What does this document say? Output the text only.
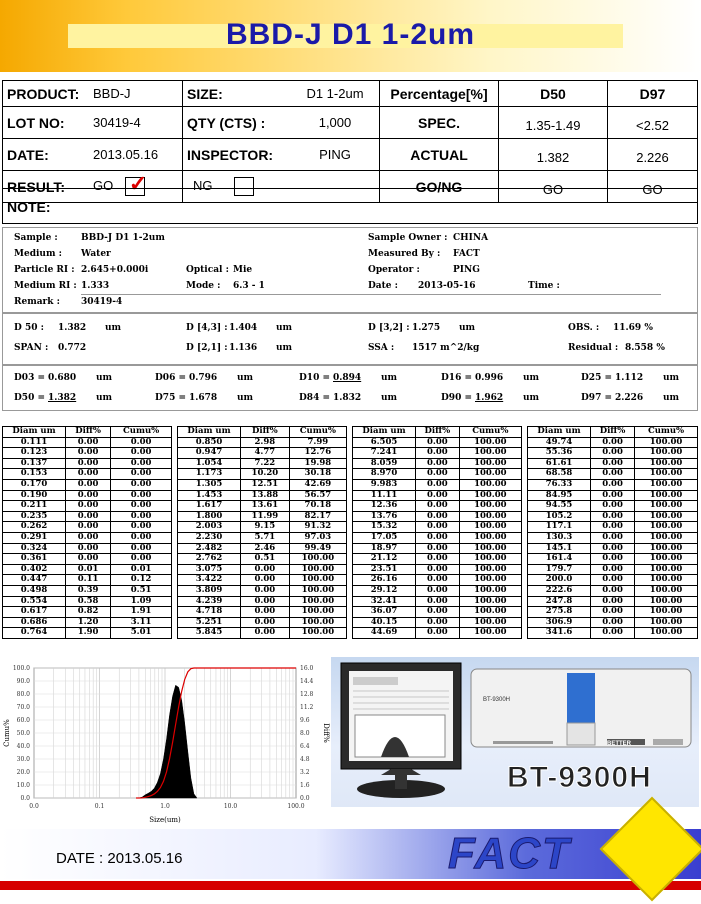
BBD-J D1 1-2um
PRODUCT:	BBD-J	SIZE:	D1 1-2um	Percentage[%]	D50	D97
LOT NO:	30419-4	QTY (CTS) :	1,000	SPEC.	1.35-1.49	<2.52
DATE:	2013.05.16	INSPECTOR:	PING	ACTUAL	1.382	2.226
RESULT:	GO ✓	NG		GO/NG	GO	GO
NOTE:
Sample :	BBD-J D1 1-2um	Sample Owner : CHINA
Medium : Water	Measured By : FACT
Particle RI : 2.645+0.000i	Optical : Mie	Operator :	PING
Medium RI : 1.333	Mode : 6.3 - 1	Date : 2013-05-16	Time :
Remark : 30419-4
D 50 : 1.382 um	D [4,3] : 1.404 um	D [3,2] : 1.275 um	OBS. : 11.69 %
SPAN : 0.772	D [2,1] : 1.136 um	SSA : 1517 m^2/kg	Residual : 8.558 %
D03 = 0.680 um	D06 = 0.796 um	D10 = 0.894 um	D16 = 0.996 um	D25 = 1.112 um
D50 = 1.382 um	D75 = 1.678 um	D84 = 1.832 um	D90 = 1.962 um	D97 = 2.226 um
Diam um	Diff%	Cumu%
0.111	0.00	0.00
0.123	0.00	0.00
0.137	0.00	0.00
0.153	0.00	0.00
0.170	0.00	0.00
0.190	0.00	0.00
0.211	0.00	0.00
0.235	0.00	0.00
0.262	0.00	0.00
0.291	0.00	0.00
0.324	0.00	0.00
0.361	0.00	0.00
0.402	0.01	0.01
0.447	0.11	0.12
0.498	0.39	0.51
0.554	0.58	1.09
0.617	0.82	1.91
0.686	1.20	3.11
0.764	1.90	5.01
Diam um	Diff%	Cumu%
0.850	2.98	7.99
0.947	4.77	12.76
1.054	7.22	19.98
1.173	10.20	30.18
1.305	12.51	42.69
1.453	13.88	56.57
1.617	13.61	70.18
1.800	11.99	82.17
2.003	9.15	91.32
2.230	5.71	97.03
2.482	2.46	99.49
2.762	0.51	100.00
3.075	0.00	100.00
3.422	0.00	100.00
3.809	0.00	100.00
4.239	0.00	100.00
4.718	0.00	100.00
5.251	0.00	100.00
5.845	0.00	100.00
Diam um	Diff%	Cumu%
6.505	0.00	100.00
7.241	0.00	100.00
8.059	0.00	100.00
8.970	0.00	100.00
9.983	0.00	100.00
11.11	0.00	100.00
12.36	0.00	100.00
13.76	0.00	100.00
15.32	0.00	100.00
17.05	0.00	100.00
18.97	0.00	100.00
21.12	0.00	100.00
23.51	0.00	100.00
26.16	0.00	100.00
29.12	0.00	100.00
32.41	0.00	100.00
36.07	0.00	100.00
40.15	0.00	100.00
44.69	0.00	100.00
Diam um	Diff%	Cumu%
49.74	0.00	100.00
55.36	0.00	100.00
61.61	0.00	100.00
68.58	0.00	100.00
76.33	0.00	100.00
84.95	0.00	100.00
94.55	0.00	100.00
105.2	0.00	100.00
117.1	0.00	100.00
130.3	0.00	100.00
145.1	0.00	100.00
161.4	0.00	100.00
179.7	0.00	100.00
200.0	0.00	100.00
222.6	0.00	100.00
247.8	0.00	100.00
275.8	0.00	100.00
306.9	0.00	100.00
341.6	0.00	100.00
0.0
10.0
20.0
30.0
40.0
50.0
60.0
70.0
80.0
90.0
100.0
0.0
1.6
3.2
4.8
6.4
8.0
9.6
11.2
12.8
14.4
16.0
0.0	0.1	1.0	10.0	100.0
Size(um)
Cumu%	Diff%
BT-9300H
BETTER
BT-9300H
DATE : 2013.05.16	FACT
